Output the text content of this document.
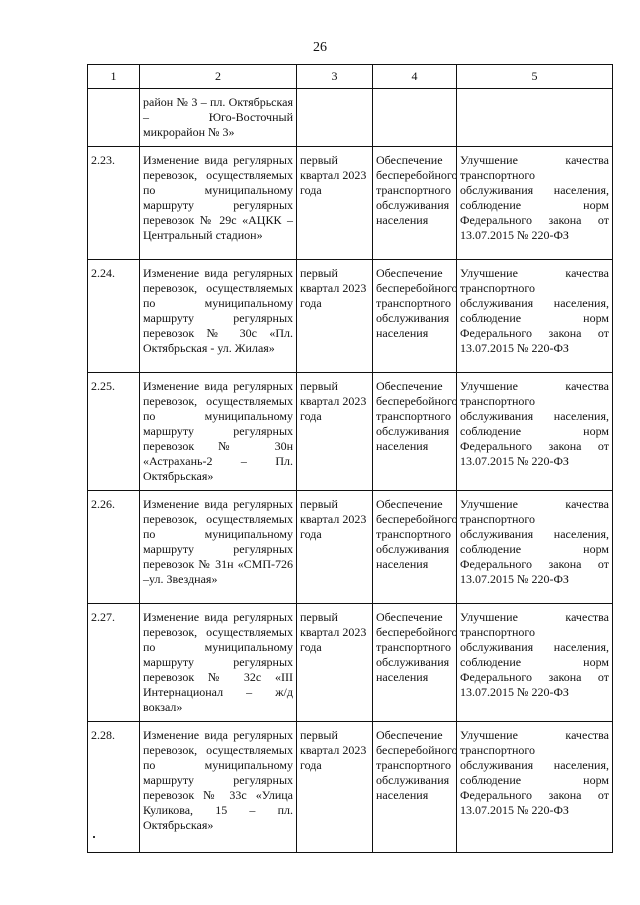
26
1	2	3	4	5
	район № 3 – пл. Октябрьская – Юго-Восточный микрорайон № 3»			
2.23.	Изменение вида регулярных перевозок, осуществляемых по муниципальному маршруту регулярных перевозок № 29с «АЦКК – Центральный стадион»	первый квартал 2023 года	Обеспечение бесперебойного транспортного обслуживания населения	Улучшение качества транспортного обслуживания населения, соблюдение норм Федерального закона от 13.07.2015 № 220-ФЗ
2.24.	Изменение вида регулярных перевозок, осуществляемых по муниципальному маршруту регулярных перевозок № 30с «Пл. Октябрьская - ул. Жилая»	первый квартал 2023 года	Обеспечение бесперебойного транспортного обслуживания населения	Улучшение качества транспортного обслуживания населения, соблюдение норм Федерального закона от 13.07.2015 № 220-ФЗ
2.25.	Изменение вида регулярных перевозок, осуществляемых по муниципальному маршруту регулярных перевозок № 30н «Астрахань-2 – Пл. Октябрьская»	первый квартал 2023 года	Обеспечение бесперебойного транспортного обслуживания населения	Улучшение качества транспортного обслуживания населения, соблюдение норм Федерального закона от 13.07.2015 № 220-ФЗ
2.26.	Изменение вида регулярных перевозок, осуществляемых по муниципальному маршруту регулярных перевозок № 31н «СМП-726 –ул. Звездная»	первый квартал 2023 года	Обеспечение бесперебойного транспортного обслуживания населения	Улучшение качества транспортного обслуживания населения, соблюдение норм Федерального закона от 13.07.2015 № 220-ФЗ
2.27.	Изменение вида регулярных перевозок, осуществляемых по муниципальному маршруту регулярных перевозок № 32с «III Интернационал – ж/д вокзал»	первый квартал 2023 года	Обеспечение бесперебойного транспортного обслуживания населения	Улучшение качества транспортного обслуживания населения, соблюдение норм Федерального закона от 13.07.2015 № 220-ФЗ
2.28.	Изменение вида регулярных перевозок, осуществляемых по муниципальному маршруту регулярных перевозок № 33с «Улица Куликова, 15 – пл. Октябрьская»	первый квартал 2023 года	Обеспечение бесперебойного транспортного обслуживания населения	Улучшение качества транспортного обслуживания населения, соблюдение норм Федерального закона от 13.07.2015 № 220-ФЗ
